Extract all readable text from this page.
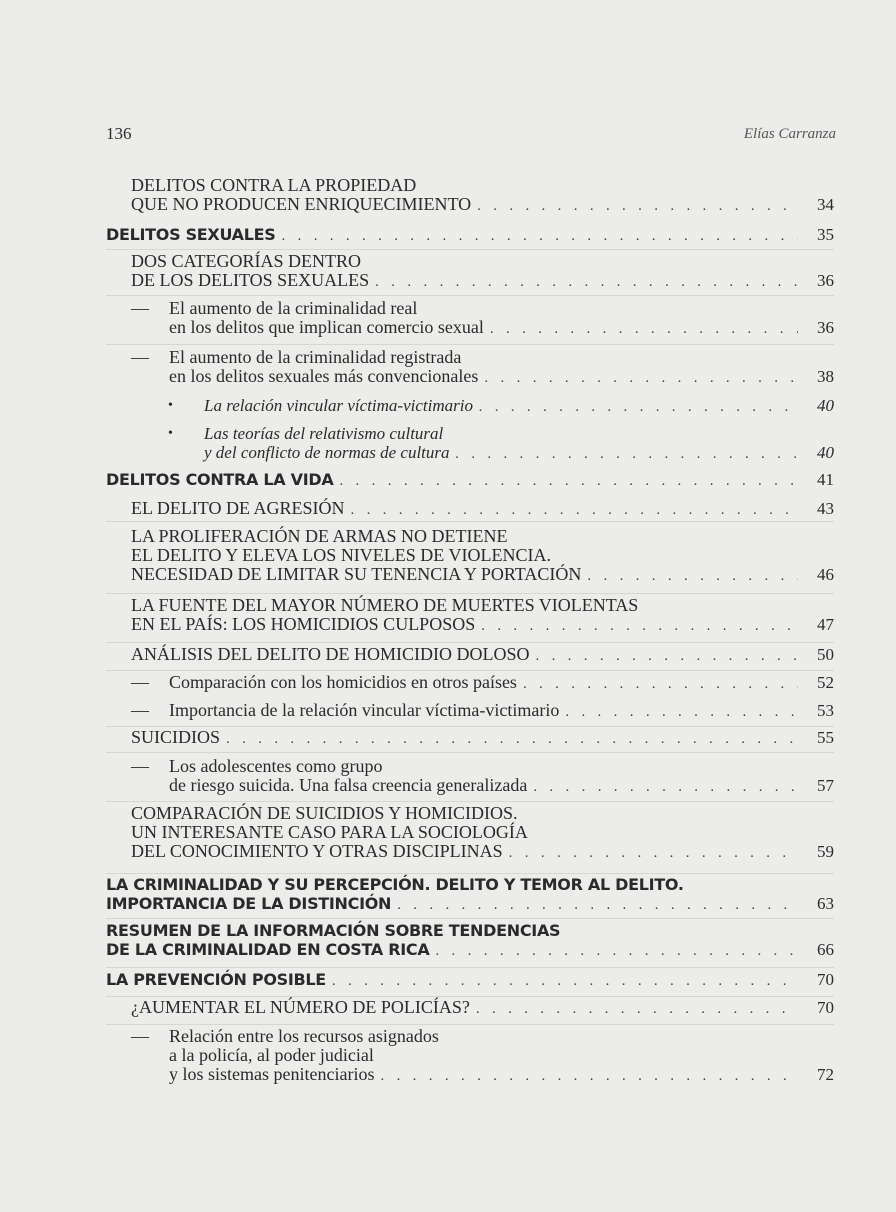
136	Elías Carranza
DELITOS CONTRA LA PROPIEDAD
QUE NO PRODUCEN ENRIQUECIMIENTO . . .	34
DELITOS SEXUALES . . .	35
DOS CATEGORÍAS DENTRO
DE LOS DELITOS SEXUALES . . .	36
— El aumento de la criminalidad real
en los delitos que implican comercio sexual . . .	36
— El aumento de la criminalidad registrada
en los delitos sexuales más convencionales . . .	38
• La relación vincular víctima-victimario . . .	40
• Las teorías del relativismo cultural
y del conflicto de normas de cultura . . .	40
DELITOS CONTRA LA VIDA . . .	41
EL DELITO DE AGRESIÓN . . .	43
LA PROLIFERACIÓN DE ARMAS NO DETIENE
EL DELITO Y ELEVA LOS NIVELES DE VIOLENCIA.
NECESIDAD DE LIMITAR SU TENENCIA Y PORTACIÓN . . .	46
LA FUENTE DEL MAYOR NÚMERO DE MUERTES VIOLENTAS
EN EL PAÍS: LOS HOMICIDIOS CULPOSOS . . .	47
ANÁLISIS DEL DELITO DE HOMICIDIO DOLOSO . . .	50
— Comparación con los homicidios en otros países . . .	52
— Importancia de la relación vincular víctima-victimario . . .	53
SUICIDIOS . . .	55
— Los adolescentes como grupo
de riesgo suicida. Una falsa creencia generalizada . . .	57
COMPARACIÓN DE SUICIDIOS Y HOMICIDIOS.
UN INTERESANTE CASO PARA LA SOCIOLOGÍA
DEL CONOCIMIENTO Y OTRAS DISCIPLINAS . . .	59
LA CRIMINALIDAD Y SU PERCEPCIÓN. DELITO Y TEMOR AL DELITO.
IMPORTANCIA DE LA DISTINCIÓN . . .	63
RESUMEN DE LA INFORMACIÓN SOBRE TENDENCIAS
DE LA CRIMINALIDAD EN COSTA RICA . . .	66
LA PREVENCIÓN POSIBLE . . .	70
¿AUMENTAR EL NÚMERO DE POLICÍAS? . . .	70
— Relación entre los recursos asignados
a la policía, al poder judicial
y los sistemas penitenciarios . . .	72
